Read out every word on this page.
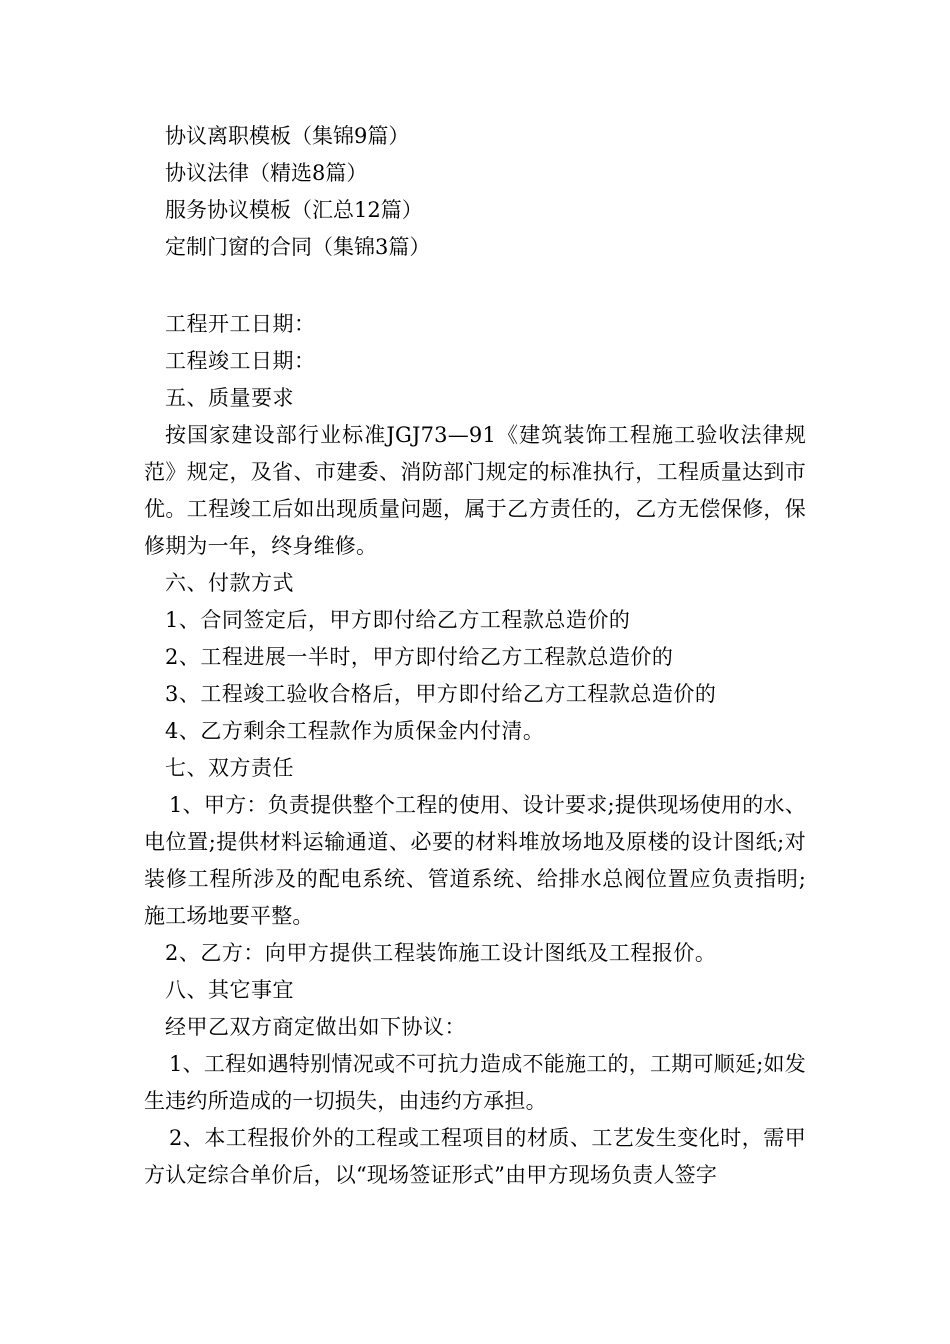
协议离职模板（集锦9篇）
协议法律（精选8篇）
服务协议模板（汇总12篇）
定制门窗的合同（集锦3篇）

工程开工日期：

工程竣工日期：

五、质量要求

按国家建设部行业标准JGJ73—91《建筑装饰工程施工验收法律规范》规定，及省、市建委、消防部门规定的标准执行，工程质量达到市优。工程竣工后如出现质量问题，属于乙方责任的，乙方无偿保修，保修期为一年，终身维修。

六、付款方式

1、合同签定后，甲方即付给乙方工程款总造价的

2、工程进展一半时，甲方即付给乙方工程款总造价的

3、工程竣工验收合格后，甲方即付给乙方工程款总造价的

4、乙方剩余工程款作为质保金内付清。

七、双方责任

1、甲方：负责提供整个工程的使用、设计要求;提供现场使用的水、电位置;提供材料运输通道、必要的材料堆放场地及原楼的设计图纸;对装修工程所涉及的配电系统、管道系统、给排水总阀位置应负责指明;施工场地要平整。

2、乙方：向甲方提供工程装饰施工设计图纸及工程报价。

八、其它事宜

经甲乙双方商定做出如下协议：

1、工程如遇特别情况或不可抗力造成不能施工的，工期可顺延;如发生违约所造成的一切损失，由违约方承担。

2、本工程报价外的工程或工程项目的材质、工艺发生变化时，需甲方认定综合单价后，以“现场签证形式”由甲方现场负责人签字
